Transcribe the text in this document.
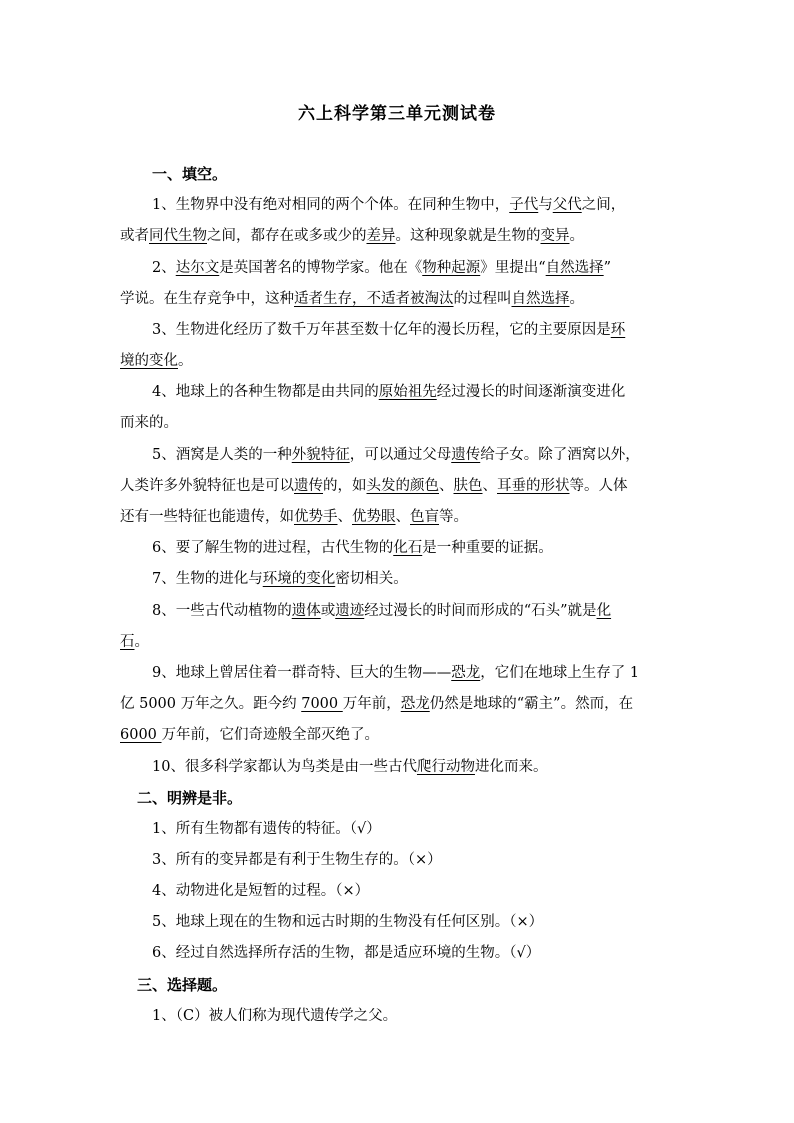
六上科学第三单元测试卷
一、填空。
1、生物界中没有绝对相同的两个个体。在同种生物中，子代与父代之间，
或者同代生物之间，都存在或多或少的差异。这种现象就是生物的变异。
2、达尔文是英国著名的博物学家。他在《物种起源》里提出“自然选择”
学说。在生存竞争中，这种适者生存，不适者被淘汰的过程叫自然选择。
3、生物进化经历了数千万年甚至数十亿年的漫长历程，它的主要原因是环
境的变化。
4、地球上的各种生物都是由共同的原始祖先经过漫长的时间逐渐演变进化
而来的。
5、酒窝是人类的一种外貌特征，可以通过父母遗传给子女。除了酒窝以外，
人类许多外貌特征也是可以遗传的，如头发的颜色、肤色、耳垂的形状等。人体
还有一些特征也能遗传，如优势手、优势眼、色盲等。
6、要了解生物的进过程，古代生物的化石是一种重要的证据。
7、生物的进化与环境的变化密切相关。
8、一些古代动植物的遗体或遗迹经过漫长的时间而形成的“石头”就是化
石。
9、地球上曾居住着一群奇特、巨大的生物——恐龙，它们在地球上生存了 1
亿 5000 万年之久。距今约 7000 万年前，恐龙仍然是地球的“霸主”。然而，在
6000 万年前，它们奇迹般全部灭绝了。
10、很多科学家都认为鸟类是由一些古代爬行动物进化而来。
二、明辨是非。
1、所有生物都有遗传的特征。（√）
3、所有的变异都是有利于生物生存的。（×）
4、动物进化是短暂的过程。（×）
5、地球上现在的生物和远古时期的生物没有任何区别。（×）
6、经过自然选择所存活的生物，都是适应环境的生物。（√）
三、选择题。
1、（C）被人们称为现代遗传学之父。
